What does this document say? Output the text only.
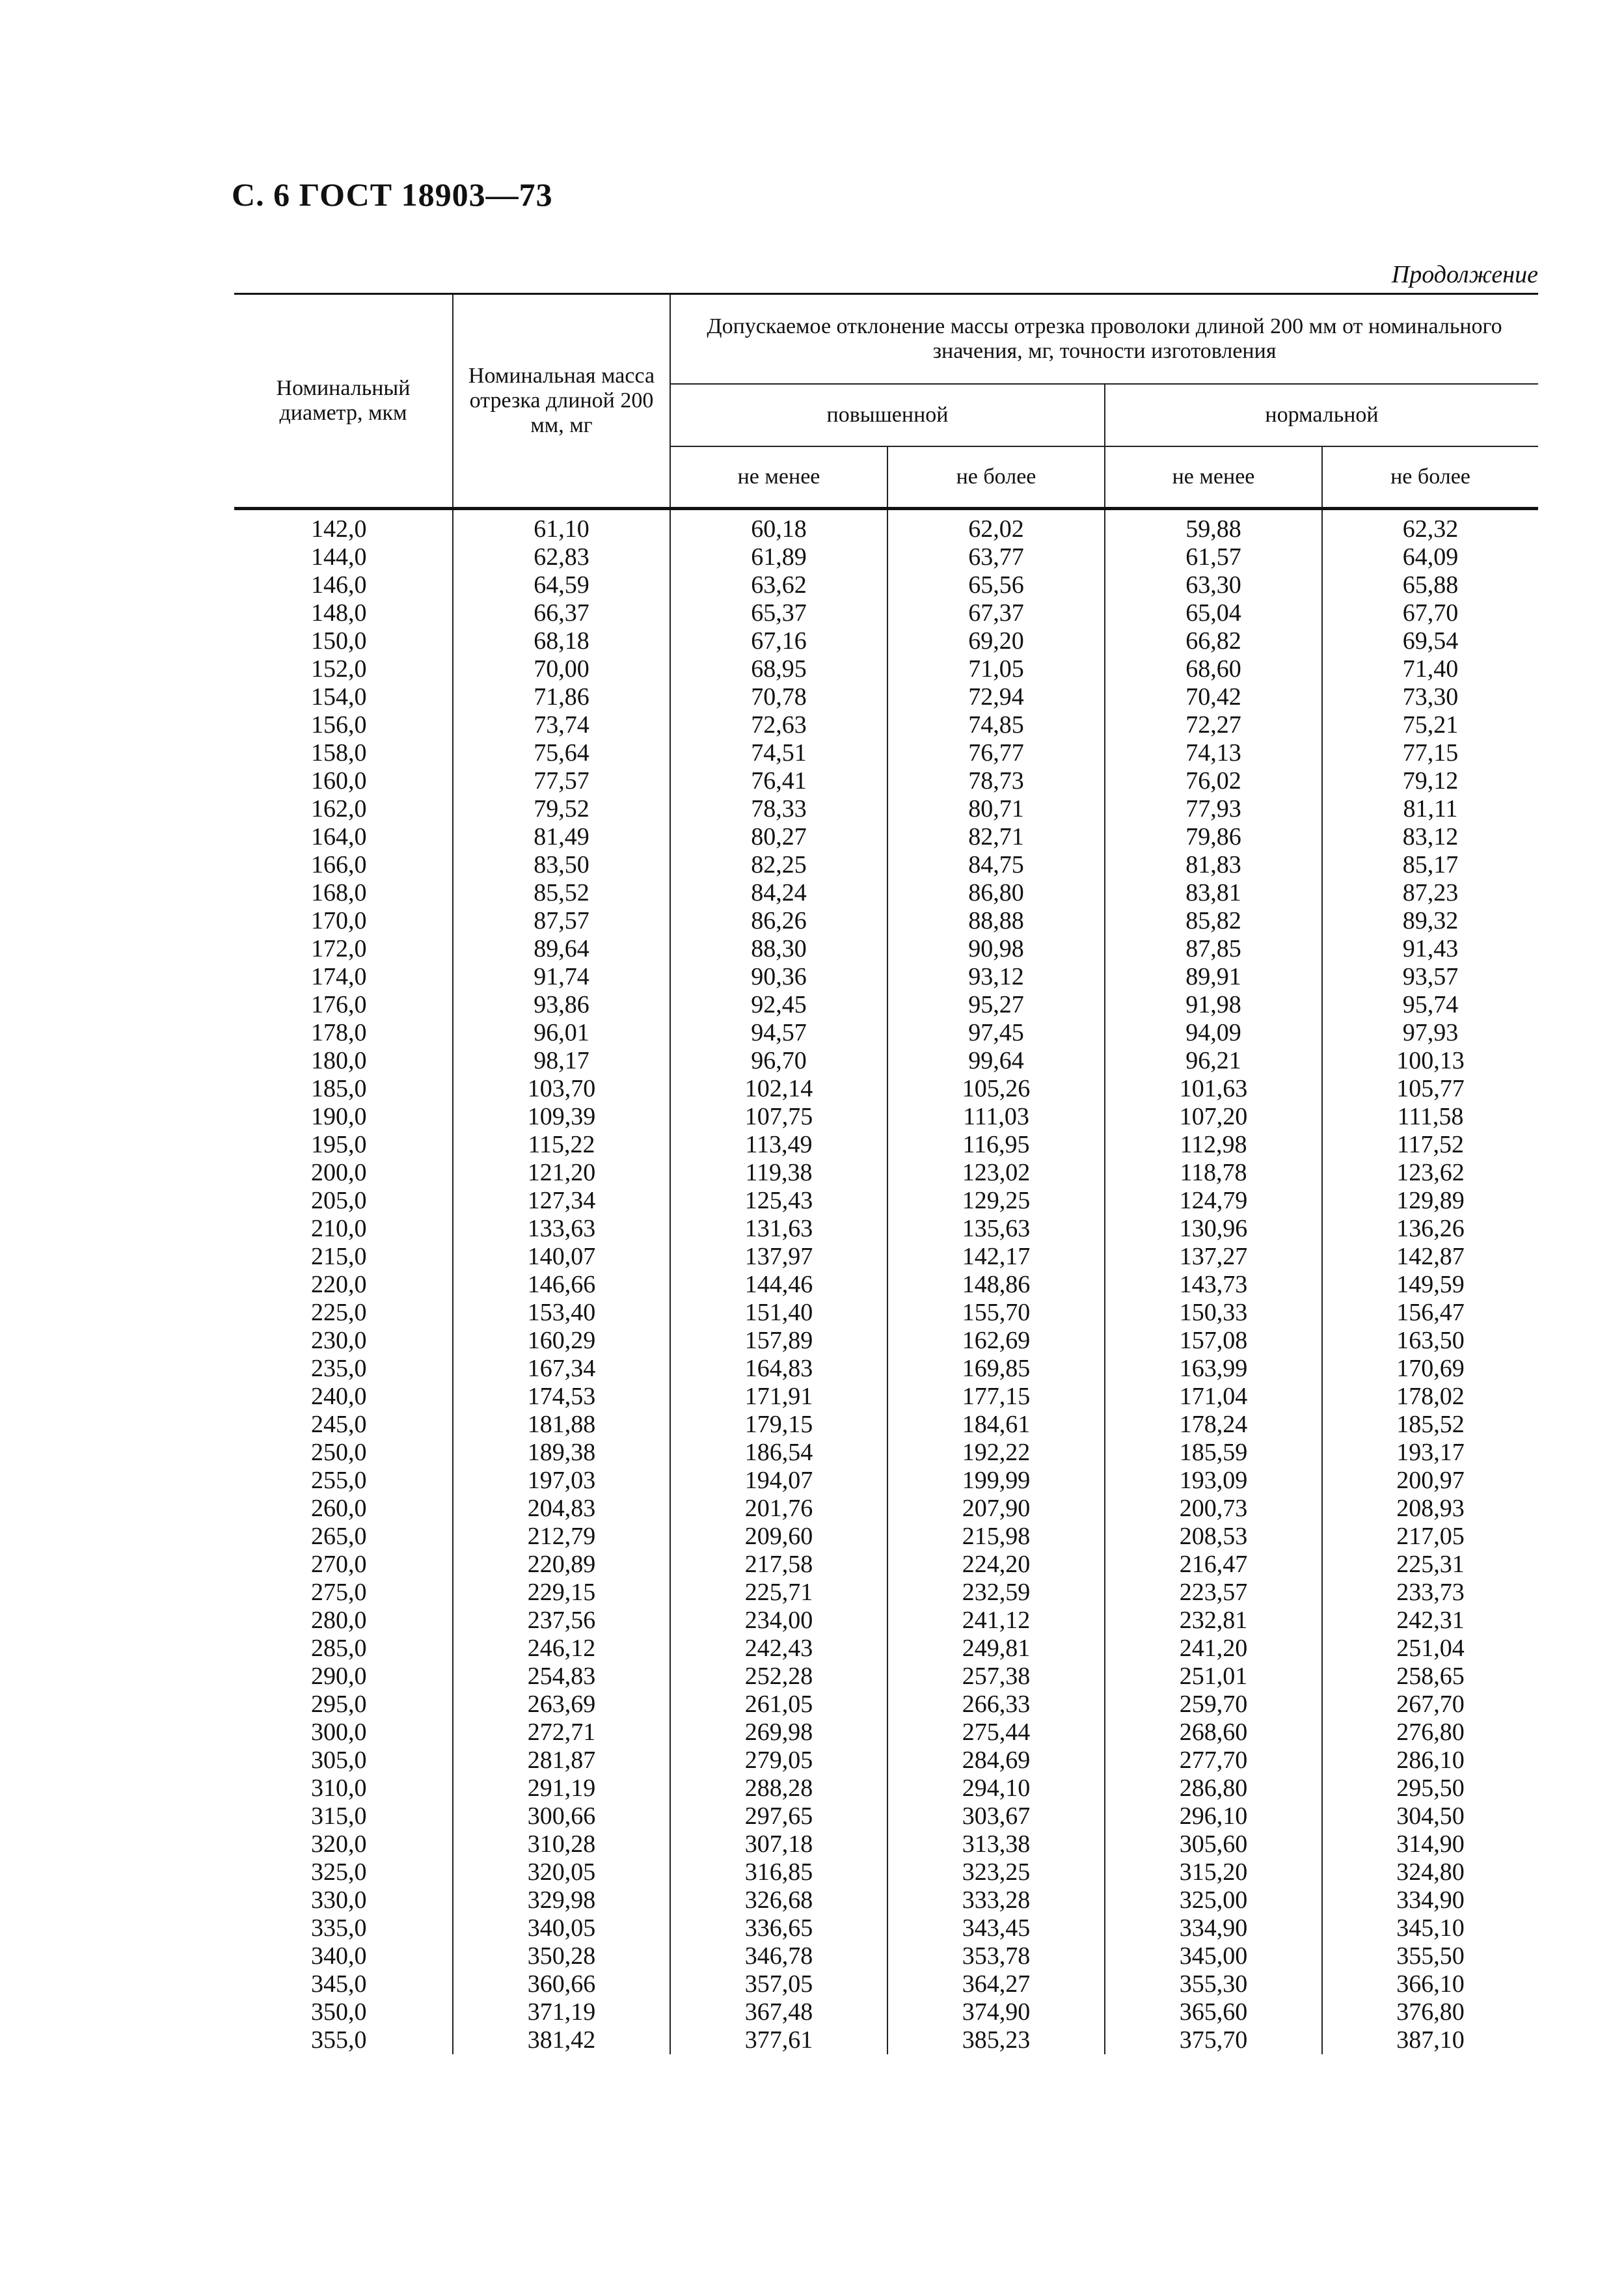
С. 6 ГОСТ 18903—73
Продолжение
Номинальный диаметр, мкм	Номинальная масса отрезка длиной 200 мм, мг	Допускаемое отклонение массы отрезка проволоки длиной 200 мм от номинального значения, мг, точности изготовления			
		повышенной		нормальной	
		не менее	не более	не менее	не более
142,0	61,10	60,18	62,02	59,88	62,32
144,0	62,83	61,89	63,77	61,57	64,09
146,0	64,59	63,62	65,56	63,30	65,88
148,0	66,37	65,37	67,37	65,04	67,70
150,0	68,18	67,16	69,20	66,82	69,54
152,0	70,00	68,95	71,05	68,60	71,40
154,0	71,86	70,78	72,94	70,42	73,30
156,0	73,74	72,63	74,85	72,27	75,21
158,0	75,64	74,51	76,77	74,13	77,15
160,0	77,57	76,41	78,73	76,02	79,12
162,0	79,52	78,33	80,71	77,93	81,11
164,0	81,49	80,27	82,71	79,86	83,12
166,0	83,50	82,25	84,75	81,83	85,17
168,0	85,52	84,24	86,80	83,81	87,23
170,0	87,57	86,26	88,88	85,82	89,32
172,0	89,64	88,30	90,98	87,85	91,43
174,0	91,74	90,36	93,12	89,91	93,57
176,0	93,86	92,45	95,27	91,98	95,74
178,0	96,01	94,57	97,45	94,09	97,93
180,0	98,17	96,70	99,64	96,21	100,13
185,0	103,70	102,14	105,26	101,63	105,77
190,0	109,39	107,75	111,03	107,20	111,58
195,0	115,22	113,49	116,95	112,98	117,52
200,0	121,20	119,38	123,02	118,78	123,62
205,0	127,34	125,43	129,25	124,79	129,89
210,0	133,63	131,63	135,63	130,96	136,26
215,0	140,07	137,97	142,17	137,27	142,87
220,0	146,66	144,46	148,86	143,73	149,59
225,0	153,40	151,40	155,70	150,33	156,47
230,0	160,29	157,89	162,69	157,08	163,50
235,0	167,34	164,83	169,85	163,99	170,69
240,0	174,53	171,91	177,15	171,04	178,02
245,0	181,88	179,15	184,61	178,24	185,52
250,0	189,38	186,54	192,22	185,59	193,17
255,0	197,03	194,07	199,99	193,09	200,97
260,0	204,83	201,76	207,90	200,73	208,93
265,0	212,79	209,60	215,98	208,53	217,05
270,0	220,89	217,58	224,20	216,47	225,31
275,0	229,15	225,71	232,59	223,57	233,73
280,0	237,56	234,00	241,12	232,81	242,31
285,0	246,12	242,43	249,81	241,20	251,04
290,0	254,83	252,28	257,38	251,01	258,65
295,0	263,69	261,05	266,33	259,70	267,70
300,0	272,71	269,98	275,44	268,60	276,80
305,0	281,87	279,05	284,69	277,70	286,10
310,0	291,19	288,28	294,10	286,80	295,50
315,0	300,66	297,65	303,67	296,10	304,50
320,0	310,28	307,18	313,38	305,60	314,90
325,0	320,05	316,85	323,25	315,20	324,80
330,0	329,98	326,68	333,28	325,00	334,90
335,0	340,05	336,65	343,45	334,90	345,10
340,0	350,28	346,78	353,78	345,00	355,50
345,0	360,66	357,05	364,27	355,30	366,10
350,0	371,19	367,48	374,90	365,60	376,80
355,0	381,42	377,61	385,23	375,70	387,10
